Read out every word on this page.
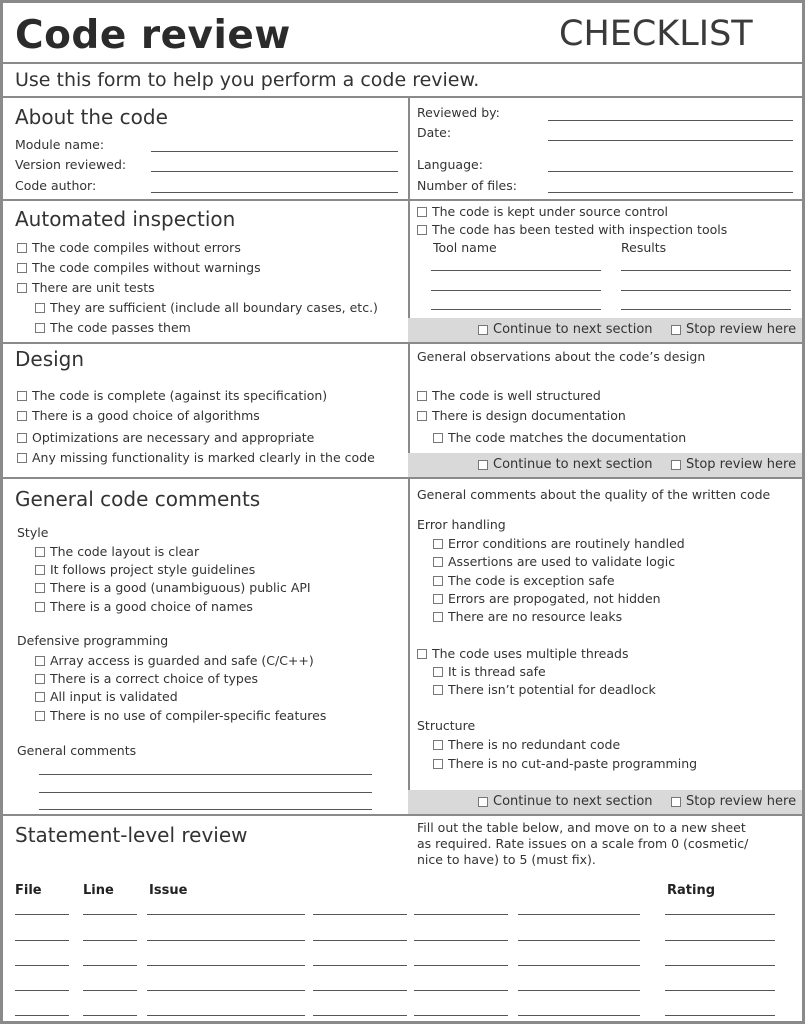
Code review	CHECKLIST
Use this form to help you perform a code review.
About the code
Module name:
Version reviewed:
Code author:
Reviewed by:
Date:
Language:
Number of files:
Automated inspection
The code compiles without errors
The code compiles without warnings
There are unit tests
They are sufficient (include all boundary cases, etc.)
The code passes them
The code is kept under source control
The code has been tested with inspection tools
Tool name	Results
Continue to next section	Stop review here
Design
The code is complete (against its specification)
There is a good choice of algorithms
Optimizations are necessary and appropriate
Any missing functionality is marked clearly in the code
General observations about the code’s design
The code is well structured
There is design documentation
The code matches the documentation
Continue to next section	Stop review here
General code comments
Style
The code layout is clear
It follows project style guidelines
There is a good (unambiguous) public API
There is a good choice of names
Defensive programming
Array access is guarded and safe (C/C++)
There is a correct choice of types
All input is validated
There is no use of compiler-specific features
General comments
General comments about the quality of the written code
Error handling
Error conditions are routinely handled
Assertions are used to validate logic
The code is exception safe
Errors are propogated, not hidden
There are no resource leaks
The code uses multiple threads
It is thread safe
There isn’t potential for deadlock
Structure
There is no redundant code
There is no cut-and-paste programming
Continue to next section	Stop review here
Statement-level review	Fill out the table below, and move on to a new sheet
as required. Rate issues on a scale from 0 (cosmetic/
nice to have) to 5 (must fix).
File	Line	Issue	Rating
